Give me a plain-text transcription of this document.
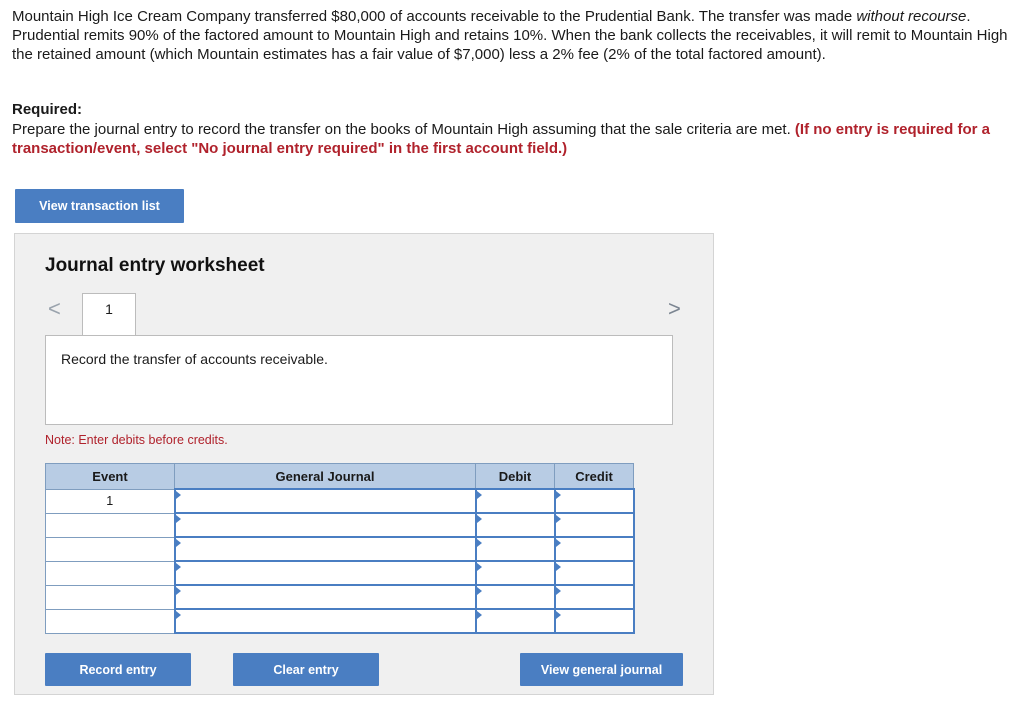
Mountain High Ice Cream Company transferred $80,000 of accounts receivable to the Prudential Bank. The transfer was made without recourse. Prudential remits 90% of the factored amount to Mountain High and retains 10%. When the bank collects the receivables, it will remit to Mountain High the retained amount (which Mountain estimates has a fair value of $7,000) less a 2% fee (2% of the total factored amount).

Required:
Prepare the journal entry to record the transfer on the books of Mountain High assuming that the sale criteria are met. (If no entry is required for a transaction/event, select "No journal entry required" in the first account field.)
View transaction list
Journal entry worksheet
<	1	>
Record the transfer of accounts receivable.
Note: Enter debits before credits.
Event	General Journal	Debit	Credit
1	

Record entry	Clear entry	View general journal
